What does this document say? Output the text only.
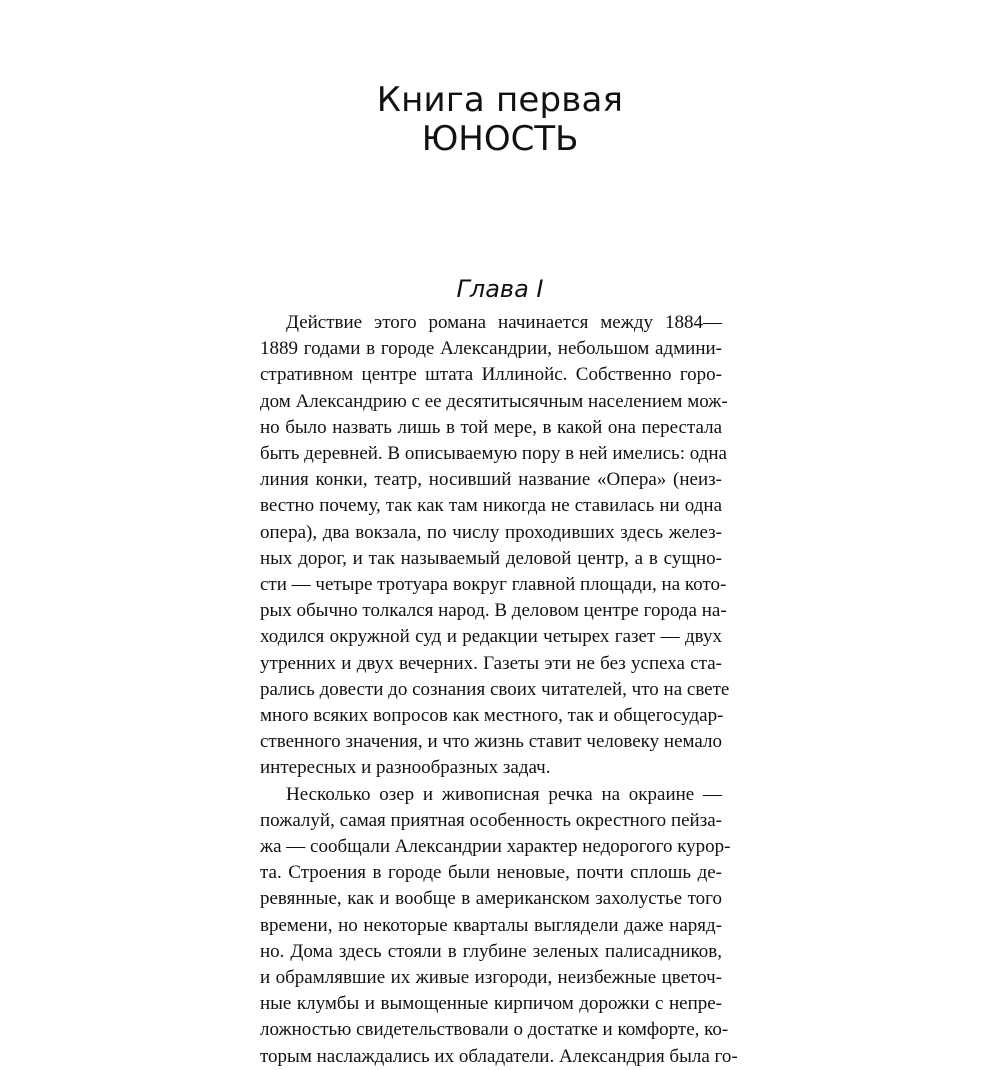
Книга первая
ЮНОСТЬ
Глава I
Действие этого романа начинается между 1884—
1889 годами в городе Александрии, небольшом админи-
стративном центре штата Иллинойс. Собственно горо-
дом Александрию с ее десятитысячным населением мож-
но было назвать лишь в той мере, в какой она перестала
быть деревней. В описываемую пору в ней имелись: одна
линия конки, театр, носивший название «Опера» (неиз-
вестно почему, так как там никогда не ставилась ни одна
опера), два вокзала, по числу проходивших здесь желез-
ных дорог, и так называемый деловой центр, а в сущно-
сти — четыре тротуара вокруг главной площади, на кото-
рых обычно толкался народ. В деловом центре города на-
ходился окружной суд и редакции четырех газет — двух
утренних и двух вечерних. Газеты эти не без успеха ста-
рались довести до сознания своих читателей, что на свете
много всяких вопросов как местного, так и общегосудар-
ственного значения, и что жизнь ставит человеку немало
интересных и разнообразных задач.
Несколько озер и живописная речка на окраине —
пожалуй, самая приятная особенность окрестного пейза-
жа — сообщали Александрии характер недорогого курор-
та. Строения в городе были неновые, почти сплошь де-
ревянные, как и вообще в американском захолустье того
времени, но некоторые кварталы выглядели даже наряд-
но. Дома здесь стояли в глубине зеленых палисадников,
и обрамлявшие их живые изгороди, неизбежные цветоч-
ные клумбы и вымощенные кирпичом дорожки с непре-
ложностью свидетельствовали о достатке и комфорте, ко-
торым наслаждались их обладатели. Александрия была го-
